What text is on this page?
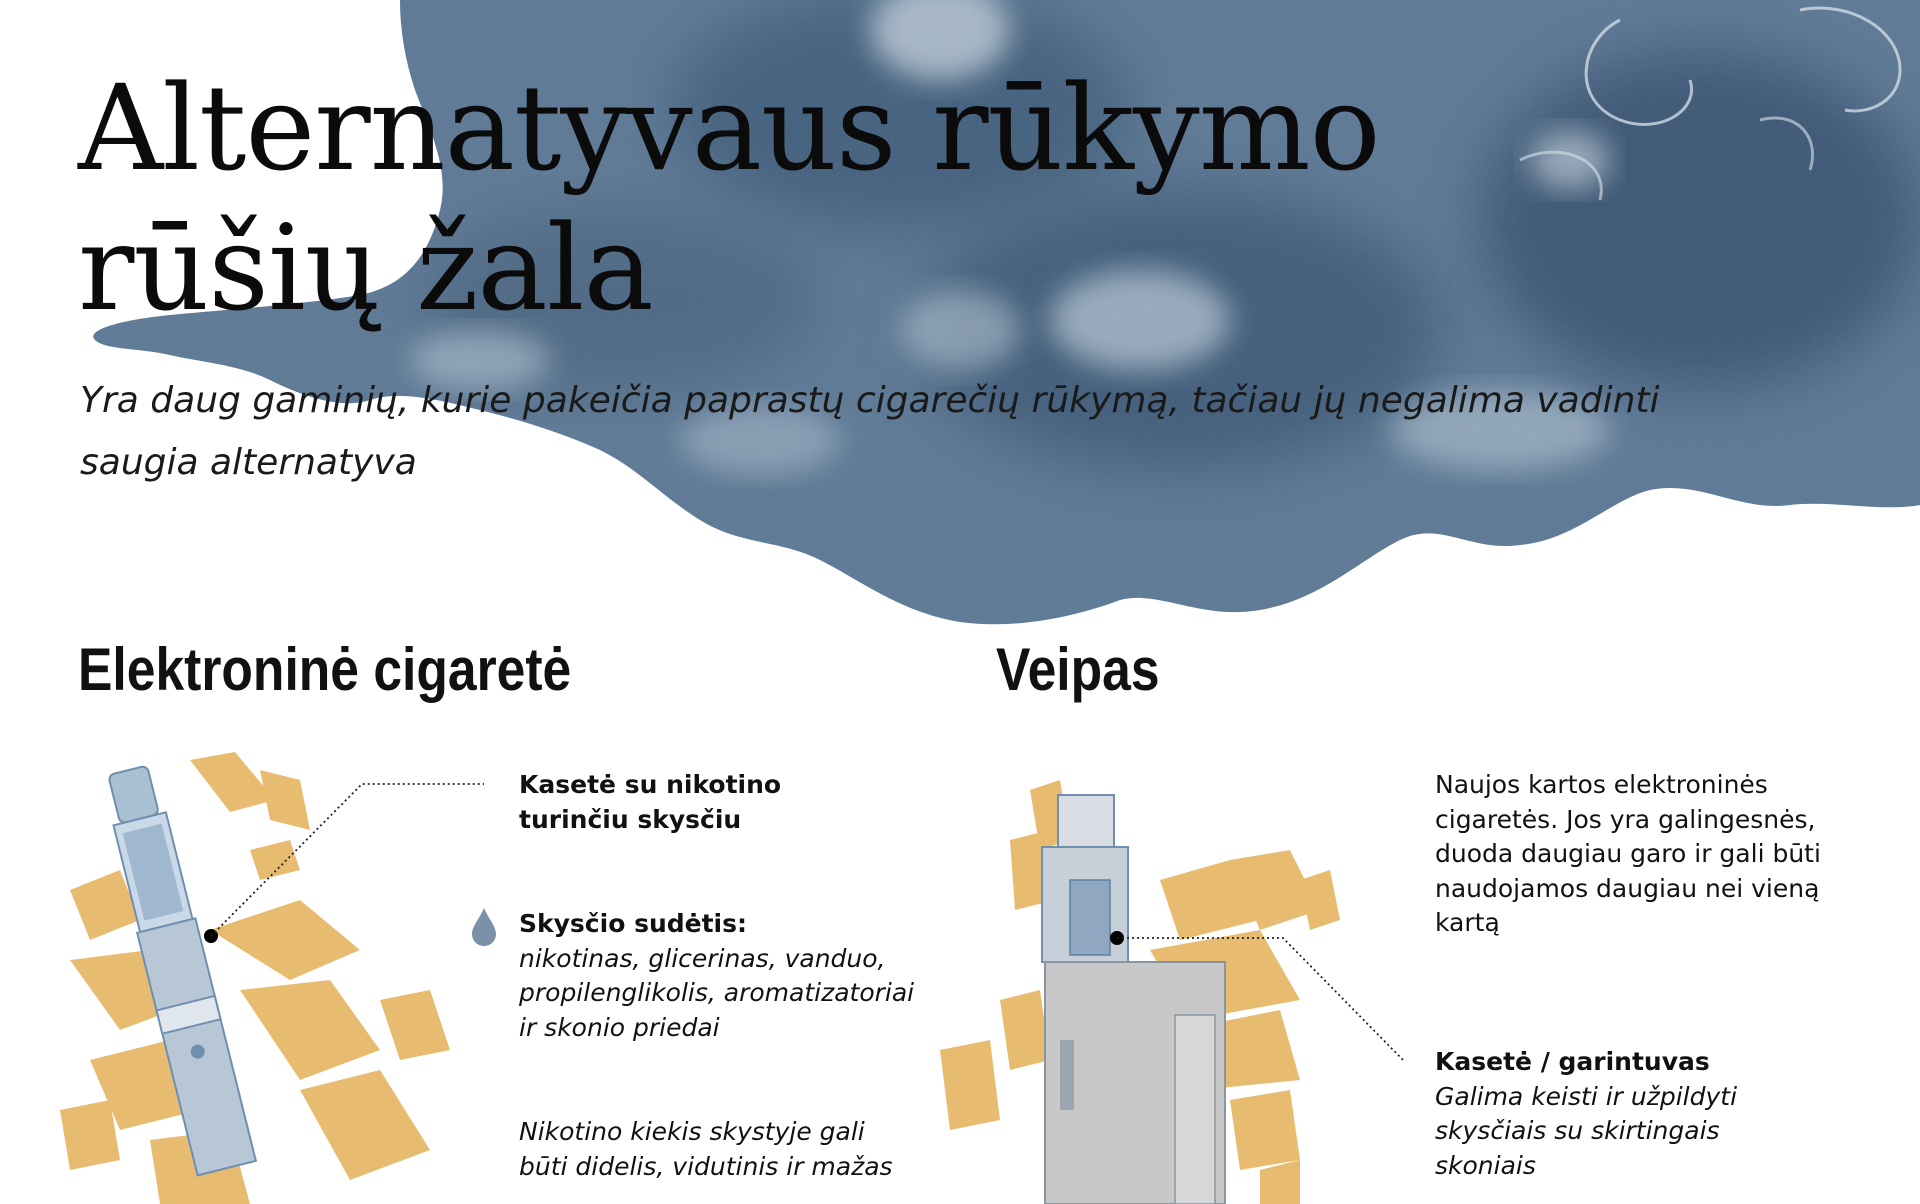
Alternatyvaus rūkymo
rūšių žala

Yra daug gaminių, kurie pakeičia paprastų cigarečių rūkymą, tačiau jų negalima vadinti saugia alternatyva

Elektroninė cigaretė
Kasetė su nikotino
turinčiu skysčiu
Skysčio sudėtis:
nikotinas, glicerinas, vanduo, propilenglikolis, aromatizatoriai ir skonio priedai
Nikotino kiekis skystyje gali būti didelis, vidutinis ir mažas
Veipas
Naujos kartos elektroninės cigaretės. Jos yra galingesnės, duoda daugiau garo ir gali būti naudojamos daugiau nei vieną kartą
Kasetė / garintuvas
Galima keisti ir užpildyti skysčiais su skirtingais skoniais
